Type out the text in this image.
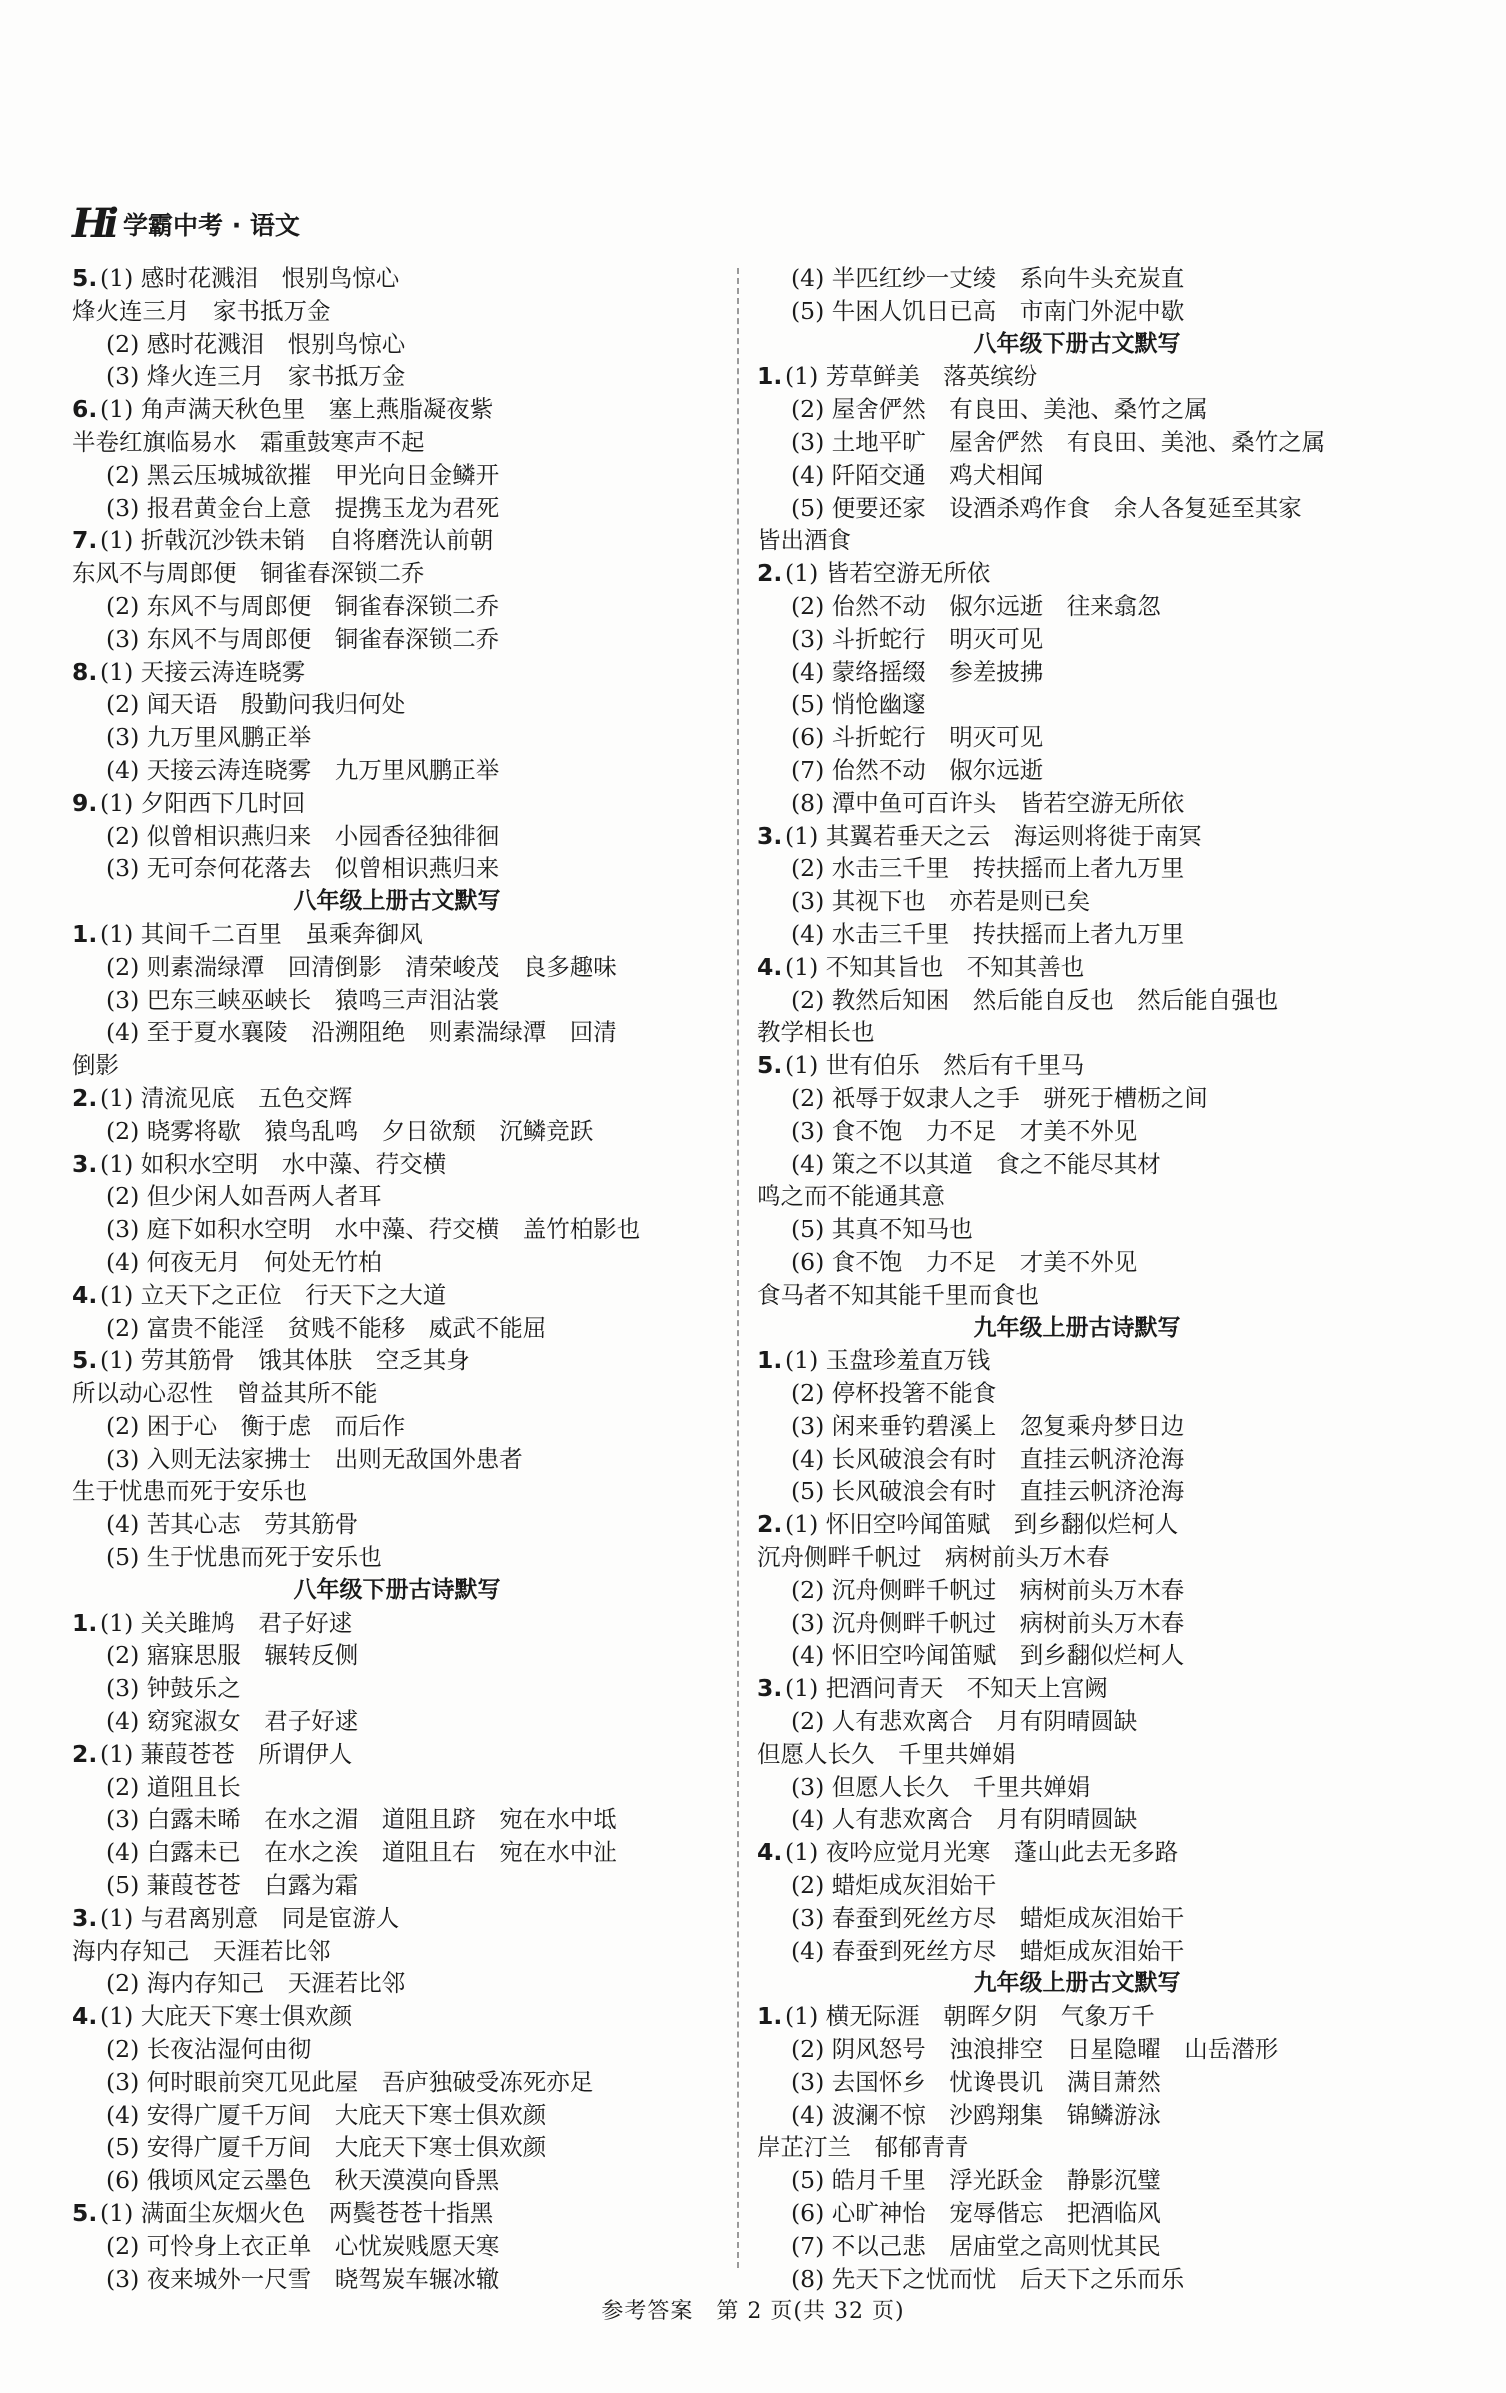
Hi 学霸中考 · 语文
5. (1) 感时花溅泪　恨别鸟惊心
烽火连三月　家书抵万金
(2) 感时花溅泪　恨别鸟惊心
(3) 烽火连三月　家书抵万金
6. (1) 角声满天秋色里　塞上燕脂凝夜紫
半卷红旗临易水　霜重鼓寒声不起
(2) 黑云压城城欲摧　甲光向日金鳞开
(3) 报君黄金台上意　提携玉龙为君死
7. (1) 折戟沉沙铁未销　自将磨洗认前朝
东风不与周郎便　铜雀春深锁二乔
(2) 东风不与周郎便　铜雀春深锁二乔
(3) 东风不与周郎便　铜雀春深锁二乔
8. (1) 天接云涛连晓雾
(2) 闻天语　殷勤问我归何处
(3) 九万里风鹏正举
(4) 天接云涛连晓雾　九万里风鹏正举
9. (1) 夕阳西下几时回
(2) 似曾相识燕归来　小园香径独徘徊
(3) 无可奈何花落去　似曾相识燕归来
八年级上册古文默写
1. (1) 其间千二百里　虽乘奔御风
(2) 则素湍绿潭　回清倒影　清荣峻茂　良多趣味
(3) 巴东三峡巫峡长　猿鸣三声泪沾裳
(4) 至于夏水襄陵　沿溯阻绝　则素湍绿潭　回清
倒影
2. (1) 清流见底　五色交辉
(2) 晓雾将歇　猿鸟乱鸣　夕日欲颓　沉鳞竞跃
3. (1) 如积水空明　水中藻、荇交横
(2) 但少闲人如吾两人者耳
(3) 庭下如积水空明　水中藻、荇交横　盖竹柏影也
(4) 何夜无月　何处无竹柏
4. (1) 立天下之正位　行天下之大道
(2) 富贵不能淫　贫贱不能移　威武不能屈
5. (1) 劳其筋骨　饿其体肤　空乏其身
所以动心忍性　曾益其所不能
(2) 困于心　衡于虑　而后作
(3) 入则无法家拂士　出则无敌国外患者
生于忧患而死于安乐也
(4) 苦其心志　劳其筋骨
(5) 生于忧患而死于安乐也
八年级下册古诗默写
1. (1) 关关雎鸠　君子好逑
(2) 寤寐思服　辗转反侧
(3) 钟鼓乐之
(4) 窈窕淑女　君子好逑
2. (1) 蒹葭苍苍　所谓伊人
(2) 道阻且长
(3) 白露未晞　在水之湄　道阻且跻　宛在水中坻
(4) 白露未已　在水之涘　道阻且右　宛在水中沚
(5) 蒹葭苍苍　白露为霜
3. (1) 与君离别意　同是宦游人
海内存知己　天涯若比邻
(2) 海内存知己　天涯若比邻
4. (1) 大庇天下寒士俱欢颜
(2) 长夜沾湿何由彻
(3) 何时眼前突兀见此屋　吾庐独破受冻死亦足
(4) 安得广厦千万间　大庇天下寒士俱欢颜
(5) 安得广厦千万间　大庇天下寒士俱欢颜
(6) 俄顷风定云墨色　秋天漠漠向昏黑
5. (1) 满面尘灰烟火色　两鬓苍苍十指黑
(2) 可怜身上衣正单　心忧炭贱愿天寒
(3) 夜来城外一尺雪　晓驾炭车辗冰辙
(4) 半匹红纱一丈绫　系向牛头充炭直
(5) 牛困人饥日已高　市南门外泥中歇
八年级下册古文默写
1. (1) 芳草鲜美　落英缤纷
(2) 屋舍俨然　有良田、美池、桑竹之属
(3) 土地平旷　屋舍俨然　有良田、美池、桑竹之属
(4) 阡陌交通　鸡犬相闻
(5) 便要还家　设酒杀鸡作食　余人各复延至其家
皆出酒食
2. (1) 皆若空游无所依
(2) 佁然不动　俶尔远逝　往来翕忽
(3) 斗折蛇行　明灭可见
(4) 蒙络摇缀　参差披拂
(5) 悄怆幽邃
(6) 斗折蛇行　明灭可见
(7) 佁然不动　俶尔远逝
(8) 潭中鱼可百许头　皆若空游无所依
3. (1) 其翼若垂天之云　海运则将徙于南冥
(2) 水击三千里　抟扶摇而上者九万里
(3) 其视下也　亦若是则已矣
(4) 水击三千里　抟扶摇而上者九万里
4. (1) 不知其旨也　不知其善也
(2) 教然后知困　然后能自反也　然后能自强也
教学相长也
5. (1) 世有伯乐　然后有千里马
(2) 祇辱于奴隶人之手　骈死于槽枥之间
(3) 食不饱　力不足　才美不外见
(4) 策之不以其道　食之不能尽其材
鸣之而不能通其意
(5) 其真不知马也
(6) 食不饱　力不足　才美不外见
食马者不知其能千里而食也
九年级上册古诗默写
1. (1) 玉盘珍羞直万钱
(2) 停杯投箸不能食
(3) 闲来垂钓碧溪上　忽复乘舟梦日边
(4) 长风破浪会有时　直挂云帆济沧海
(5) 长风破浪会有时　直挂云帆济沧海
2. (1) 怀旧空吟闻笛赋　到乡翻似烂柯人
沉舟侧畔千帆过　病树前头万木春
(2) 沉舟侧畔千帆过　病树前头万木春
(3) 沉舟侧畔千帆过　病树前头万木春
(4) 怀旧空吟闻笛赋　到乡翻似烂柯人
3. (1) 把酒问青天　不知天上宫阙
(2) 人有悲欢离合　月有阴晴圆缺
但愿人长久　千里共婵娟
(3) 但愿人长久　千里共婵娟
(4) 人有悲欢离合　月有阴晴圆缺
4. (1) 夜吟应觉月光寒　蓬山此去无多路
(2) 蜡炬成灰泪始干
(3) 春蚕到死丝方尽　蜡炬成灰泪始干
(4) 春蚕到死丝方尽　蜡炬成灰泪始干
九年级上册古文默写
1. (1) 横无际涯　朝晖夕阴　气象万千
(2) 阴风怒号　浊浪排空　日星隐曜　山岳潜形
(3) 去国怀乡　忧谗畏讥　满目萧然
(4) 波澜不惊　沙鸥翔集　锦鳞游泳
岸芷汀兰　郁郁青青
(5) 皓月千里　浮光跃金　静影沉璧
(6) 心旷神怡　宠辱偕忘　把酒临风
(7) 不以己悲　居庙堂之高则忧其民
(8) 先天下之忧而忧　后天下之乐而乐
参考答案　第 2 页(共 32 页)
